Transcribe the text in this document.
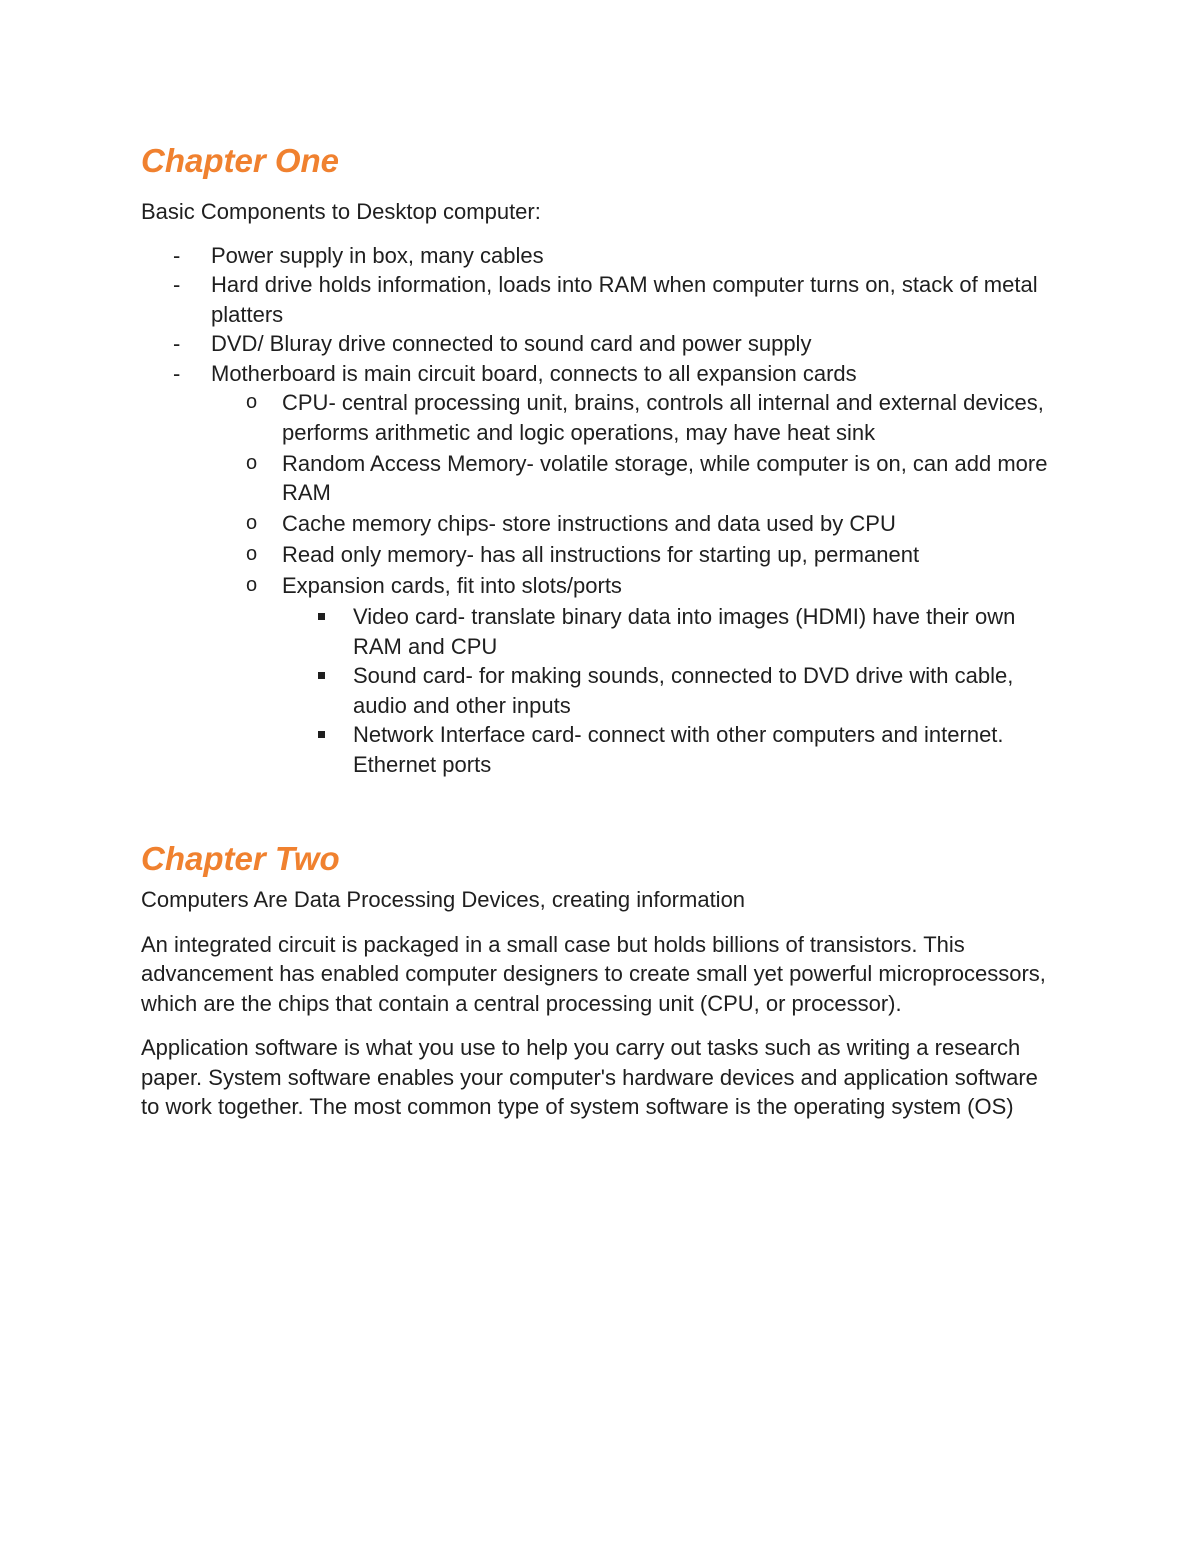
Chapter One

Basic Components to Desktop computer:

- Power supply in box, many cables
- Hard drive holds information, loads into RAM when computer turns on, stack of metal platters
- DVD/ Bluray drive connected to sound card and power supply
- Motherboard is main circuit board, connects to all expansion cards
o CPU- central processing unit, brains, controls all internal and external devices, performs arithmetic and logic operations, may have heat sink
o Random Access Memory- volatile storage, while computer is on, can add more RAM
o Cache memory chips- store instructions and data used by CPU
o Read only memory- has all instructions for starting up, permanent
o Expansion cards, fit into slots/ports
Video card- translate binary data into images (HDMI) have their own RAM and CPU
Sound card- for making sounds, connected to DVD drive with cable, audio and other inputs
Network Interface card- connect with other computers and internet. Ethernet ports
Chapter Two

Computers Are Data Processing Devices, creating information

An integrated circuit is packaged in a small case but holds billions of transistors. This advancement has enabled computer designers to create small yet powerful microprocessors, which are the chips that contain a central processing unit (CPU, or processor).

Application software is what you use to help you carry out tasks such as writing a research paper. System software enables your computer's hardware devices and application software to work together. The most common type of system software is the operating system (OS)
